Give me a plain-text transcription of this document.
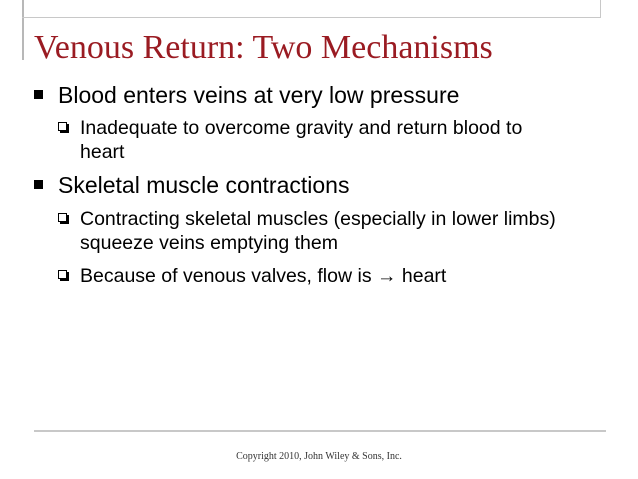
Venous Return: Two Mechanisms
Blood enters veins at very low pressure
Inadequate to overcome gravity and return blood to heart
Skeletal muscle contractions
Contracting skeletal muscles (especially in lower limbs) squeeze veins emptying them
Because of venous valves, flow is → heart
Copyright 2010, John Wiley & Sons, Inc.
